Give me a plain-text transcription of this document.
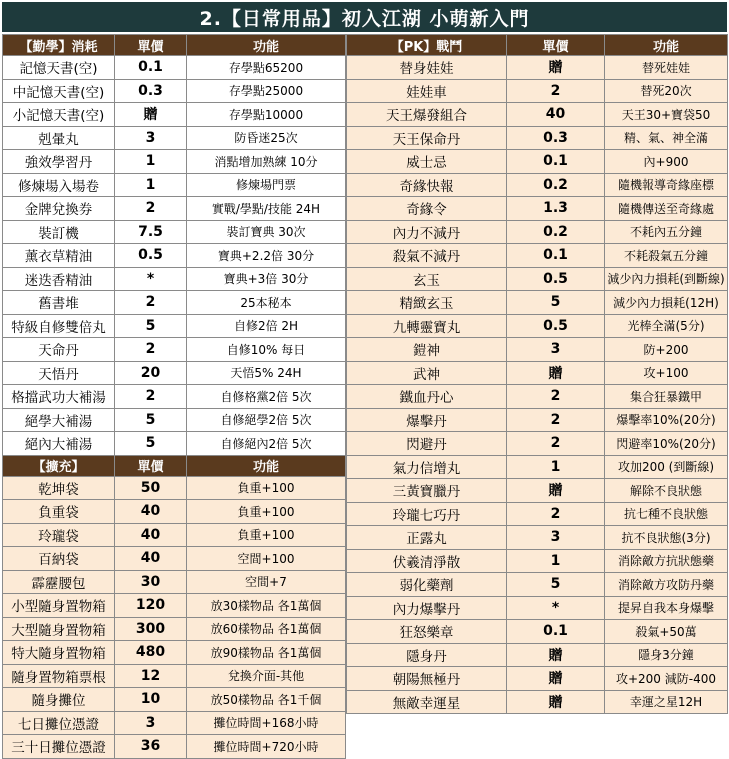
2.【日常用品】初入江湖 小萌新入門
【勤學】消耗	單價	功能
記憶天書(空)	0.1	存學點65200
中記憶天書(空)	0.3	存學點25000
小記憶天書(空)	贈	存學點10000
剋暈丸	3	防昏迷25次
強效學習丹	1	消點增加熟練 10分
修煉場入場卷	1	修煉場門票
金牌兌換券	2	實戰/學點/技能 24H
裝訂機	7.5	裝訂寶典 30次
薰衣草精油	0.5	寶典+2.2倍 30分
迷迭香精油	*	寶典+3倍 30分
舊書堆	2	25本秘本
特級自修雙倍丸	5	自修2倍 2H
天命丹	2	自修10% 每日
天悟丹	20	天悟5% 24H
格擋武功大補湯	2	自修格黨2倍 5次
絕學大補湯	5	自修絕學2倍 5次
絕內大補湯	5	自修絕內2倍 5次
【擴充】	單價	功能
乾坤袋	50	負重+100
負重袋	40	負重+100
玲瓏袋	40	負重+100
百納袋	40	空間+100
霹靂腰包	30	空間+7
小型隨身置物箱	120	放30樣物品 各1萬個
大型隨身置物箱	300	放60樣物品 各1萬個
特大隨身置物箱	480	放90樣物品 各1萬個
隨身置物箱票根	12	兌換介面-其他
隨身攤位	10	放50樣物品 各1千個
七日攤位憑證	3	攤位時間+168小時
三十日攤位憑證	36	攤位時間+720小時
【PK】戰鬥	單價	功能
替身娃娃	贈	替死娃娃
娃娃車	2	替死20次
天王爆發組合	40	天王30+寶袋50
天王保命丹	0.3	精、氣、神全滿
威士忌	0.1	內+900
奇緣快報	0.2	隨機報導奇緣座標
奇緣令	1.3	隨機傳送至奇緣處
內力不減丹	0.2	不耗內五分鐘
殺氣不減丹	0.1	不耗殺氣五分鐘
玄玉	0.5	減少內力損耗(到斷線)
精緻玄玉	5	減少內力損耗(12H)
九轉靈寶丸	0.5	光棒全滿(5分)
鎧神	3	防+200
武神	贈	攻+100
鐵血丹心	2	集合狂暴鐵甲
爆擊丹	2	爆擊率10%(20分)
閃避丹	2	閃避率10%(20分)
氣力信增丸	1	攻加200 (到斷線)
三黃寶臘丹	贈	解除不良狀態
玲瓏七巧丹	2	抗七種不良狀態
正露丸	3	抗不良狀態(3分)
伏羲清淨散	1	消除敵方抗狀態藥
弱化藥劑	5	消除敵方攻防丹藥
內力爆擊丹	*	提昇自我本身爆擊
狂怒樂章	0.1	殺氣+50萬
隱身丹	贈	隱身3分鐘
朝陽無極丹	贈	攻+200 減防-400
無敵幸運星	贈	幸運之星12H
